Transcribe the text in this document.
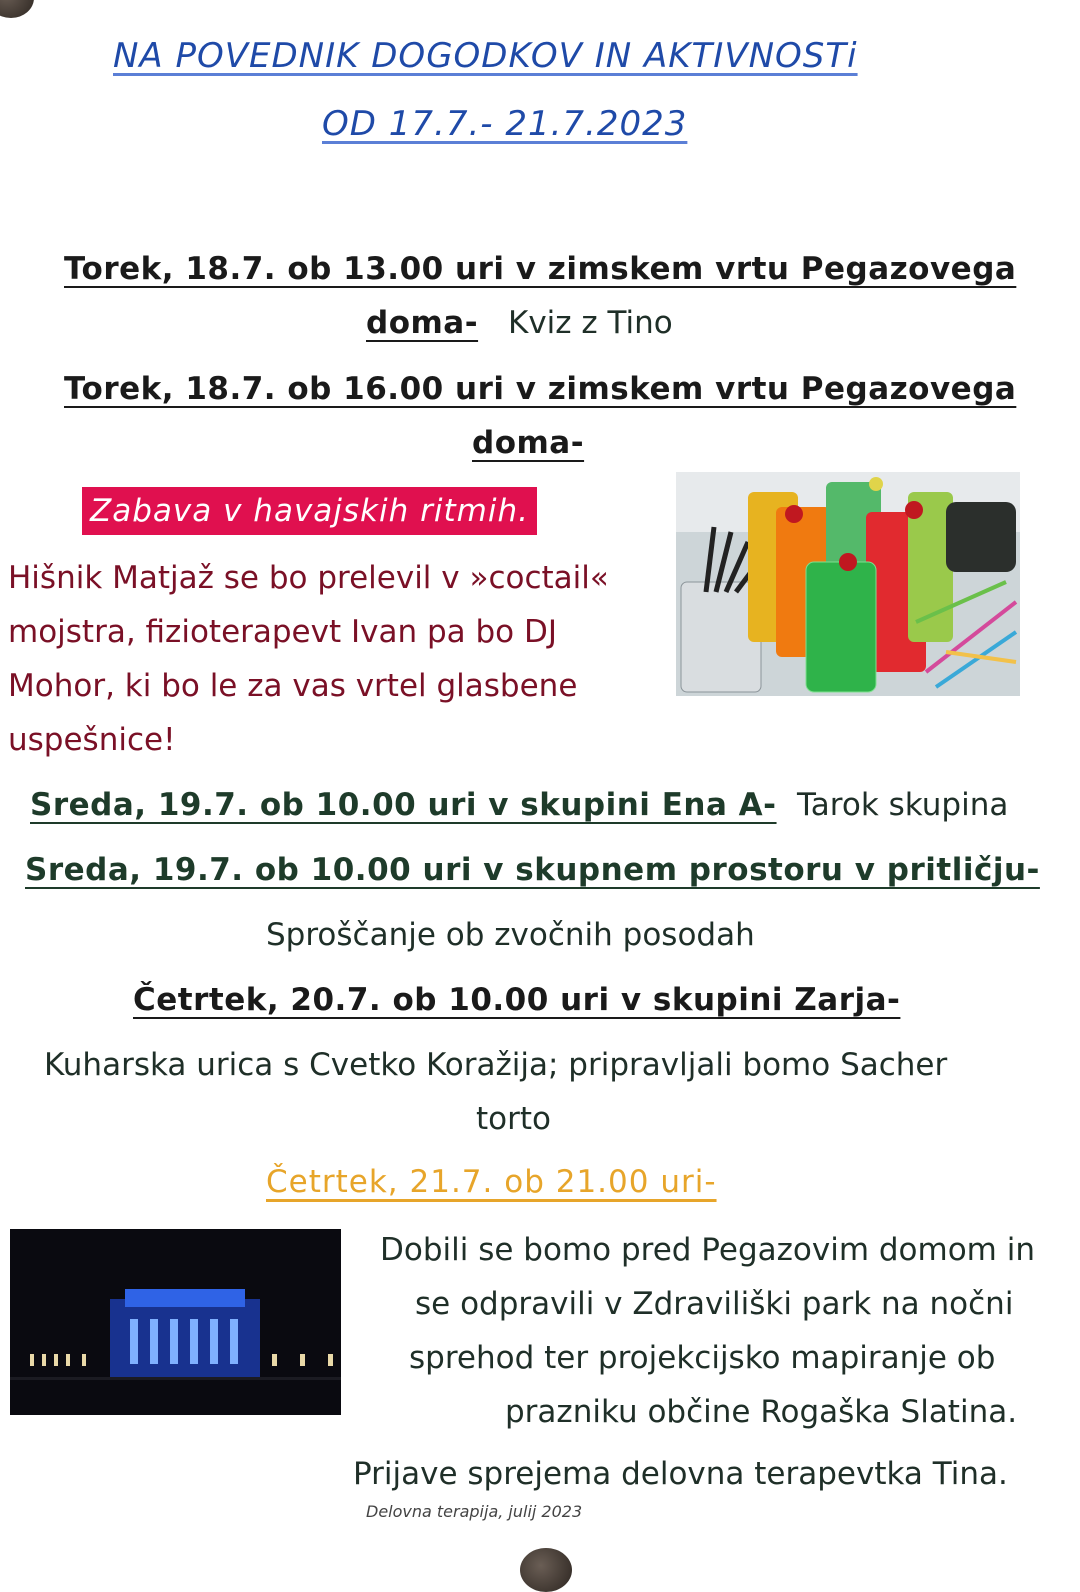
NA POVEDNIK DOGODKOV IN AKTIVNOSTi
OD 17.7.- 21.7.2023
Torek, 18.7. ob 13.00 uri v zimskem vrtu Pegazovega
doma- Kviz z Tino
Torek, 18.7. ob 16.00 uri v zimskem vrtu Pegazovega
doma-
Zabava v havajskih ritmih.
Hišnik Matjaž se bo prelevil v »coctail«
mojstra, fizioterapevt Ivan pa bo DJ
Mohor, ki bo le za vas vrtel glasbene
uspešnice!
Sreda, 19.7. ob 10.00 uri v skupini Ena A- Tarok skupina
Sreda, 19.7. ob 10.00 uri v skupnem prostoru v pritličju-
Sproščanje ob zvočnih posodah
Četrtek, 20.7. ob 10.00 uri v skupini Zarja-
Kuharska urica s Cvetko Koražija; pripravljali bomo Sacher
torto
Četrtek, 21.7. ob 21.00 uri-
Dobili se bomo pred Pegazovim domom in
se odpravili v Zdraviliški park na nočni
sprehod ter projekcijsko mapiranje ob
prazniku občine Rogaška Slatina.
Prijave sprejema delovna terapevtka Tina.
Delovna terapija, julij 2023
